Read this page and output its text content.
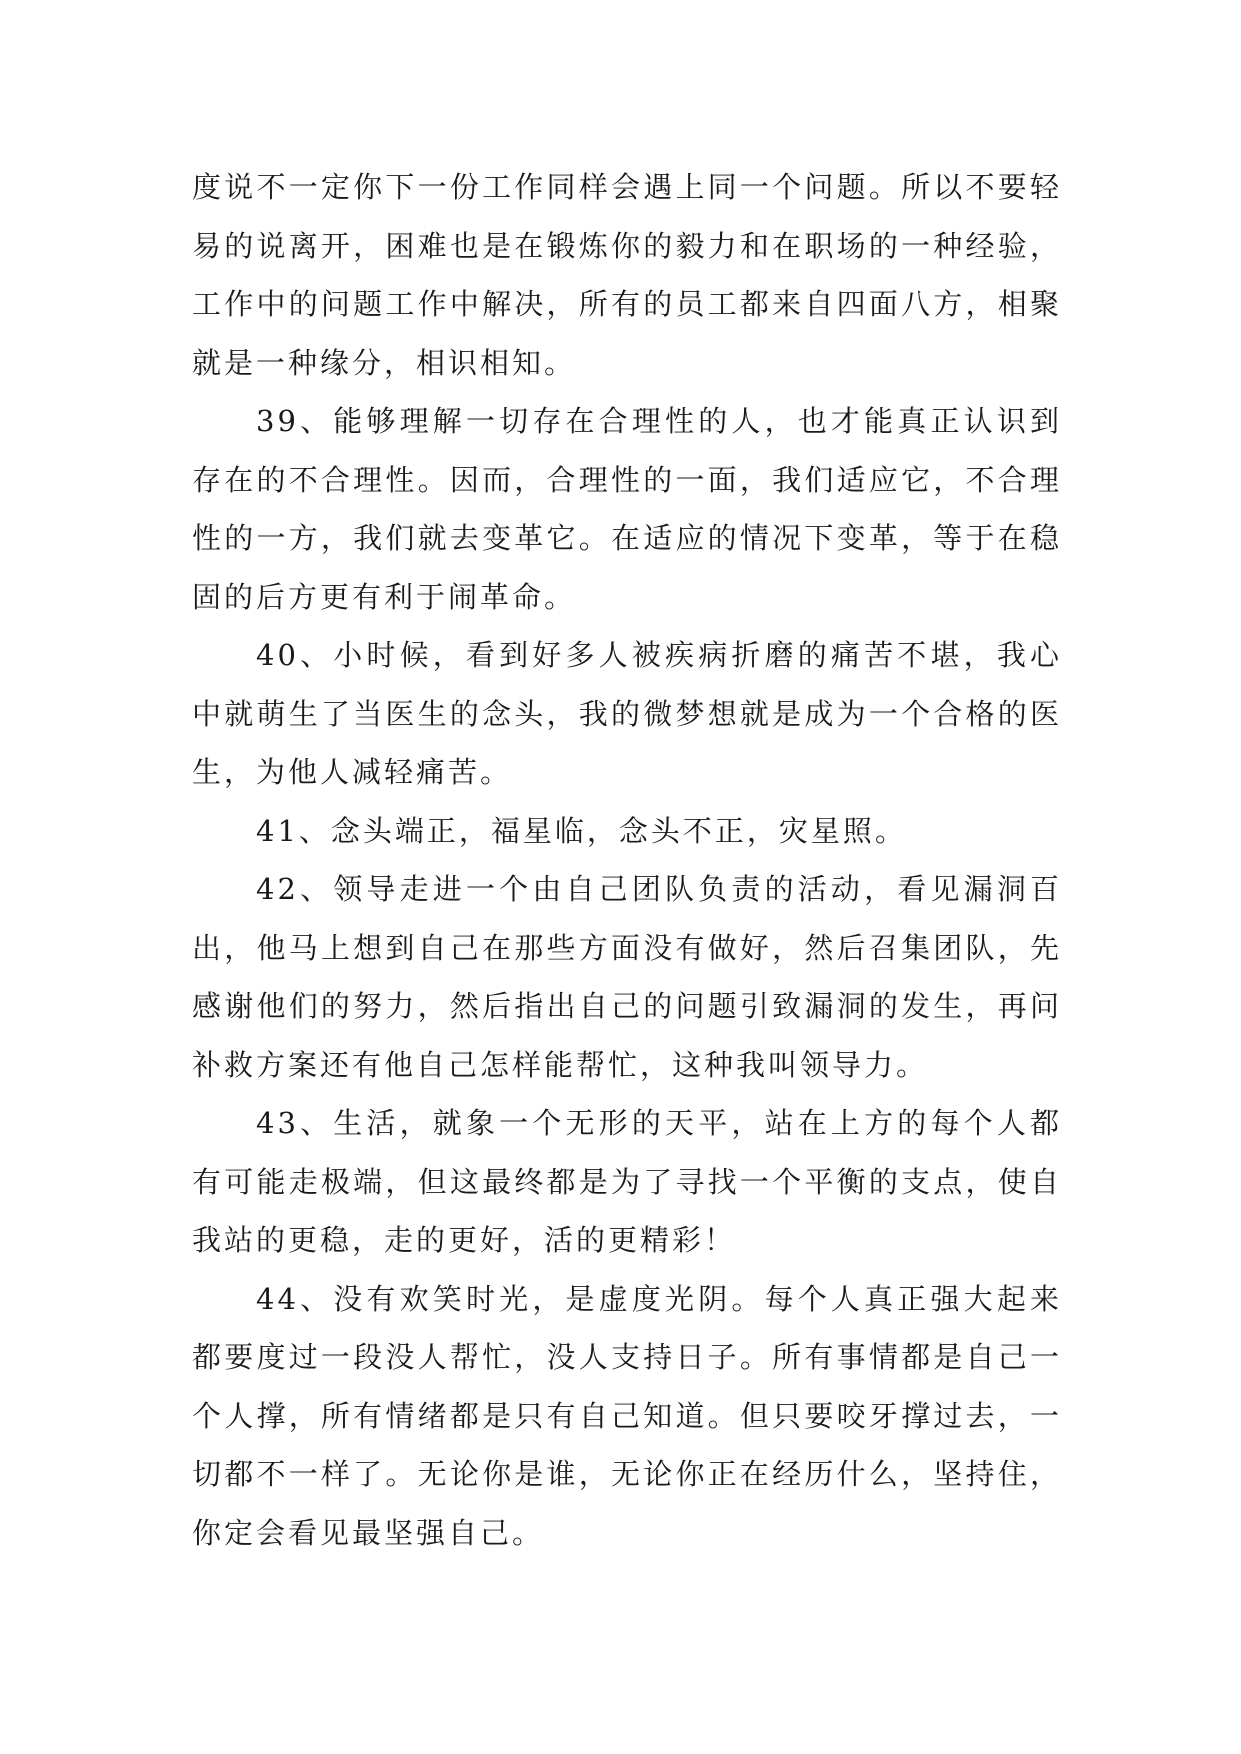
度说不一定你下一份工作同样会遇上同一个问题。所以不要轻易的说离开，困难也是在锻炼你的毅力和在职场的一种经验，工作中的问题工作中解决，所有的员工都来自四面八方，相聚就是一种缘分，相识相知。

39、能够理解一切存在合理性的人，也才能真正认识到存在的不合理性。因而，合理性的一面，我们适应它，不合理性的一方，我们就去变革它。在适应的情况下变革，等于在稳固的后方更有利于闹革命。

40、小时候，看到好多人被疾病折磨的痛苦不堪，我心中就萌生了当医生的念头，我的微梦想就是成为一个合格的医生，为他人减轻痛苦。

41、念头端正，福星临，念头不正，灾星照。

42、领导走进一个由自己团队负责的活动，看见漏洞百出，他马上想到自己在那些方面没有做好，然后召集团队，先感谢他们的努力，然后指出自己的问题引致漏洞的发生，再问补救方案还有他自己怎样能帮忙，这种我叫领导力。

43、生活，就象一个无形的天平，站在上方的每个人都有可能走极端，但这最终都是为了寻找一个平衡的支点，使自我站的更稳，走的更好，活的更精彩！

44、没有欢笑时光，是虚度光阴。每个人真正强大起来都要度过一段没人帮忙，没人支持日子。所有事情都是自己一个人撑，所有情绪都是只有自己知道。但只要咬牙撑过去，一切都不一样了。无论你是谁，无论你正在经历什么，坚持住，你定会看见最坚强自己。
